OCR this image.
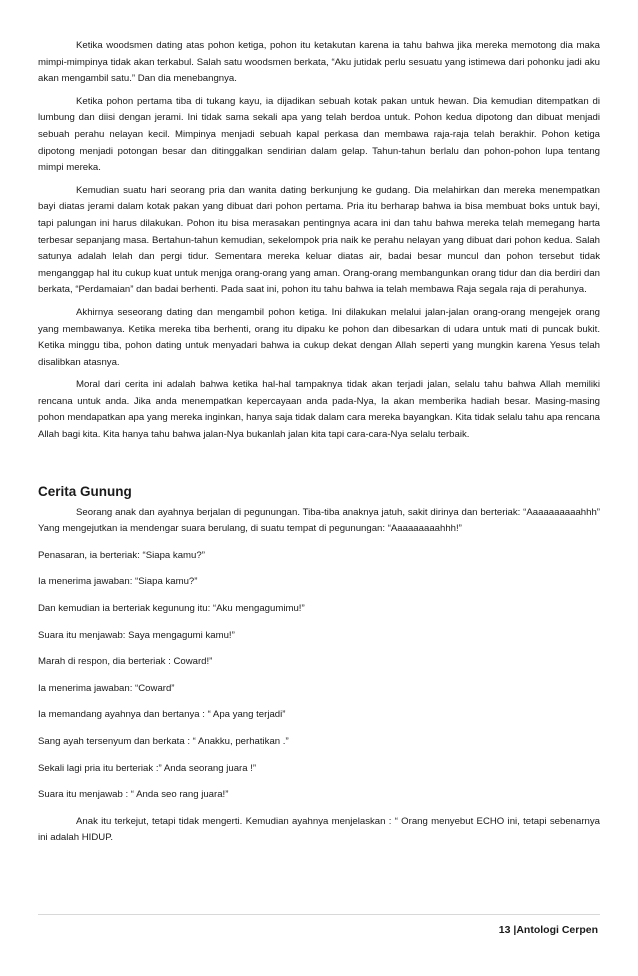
Ketika woodsmen dating atas pohon ketiga, pohon itu ketakutan karena ia tahu bahwa jika mereka memotong dia maka mimpi-mimpinya tidak akan terkabul. Salah satu woodsmen berkata, “Aku jutidak perlu sesuatu yang istimewa dari pohonku jadi aku akan mengambil satu.” Dan dia menebangnya.

Ketika pohon pertama tiba di tukang kayu, ia dijadikan sebuah kotak pakan untuk hewan. Dia kemudian ditempatkan di lumbung dan diisi dengan jerami. Ini tidak sama sekali apa yang telah berdoa untuk. Pohon kedua dipotong dan dibuat menjadi sebuah perahu nelayan kecil. Mimpinya menjadi sebuah kapal perkasa dan membawa raja-raja telah berakhir. Pohon ketiga dipotong menjadi potongan besar dan ditinggalkan sendirian dalam gelap. Tahun-tahun berlalu dan pohon-pohon lupa tentang mimpi mereka.

Kemudian suatu hari seorang pria dan wanita dating berkunjung ke gudang. Dia melahirkan dan mereka menempatkan bayi diatas jerami dalam kotak pakan yang dibuat dari pohon pertama. Pria itu berharap bahwa ia bisa membuat boks untuk bayi, tapi palungan ini harus dilakukan. Pohon itu bisa merasakan pentingnya acara ini dan tahu bahwa mereka telah memegang harta terbesar sepanjang masa. Bertahun-tahun kemudian, sekelompok pria naik ke perahu nelayan yang dibuat dari pohon kedua. Salah satunya adalah lelah dan pergi tidur. Sementara mereka keluar diatas air, badai besar muncul dan pohon tersebut tidak menganggap hal itu cukup kuat untuk menjga orang-orang yang aman. Orang-orang membangunkan orang tidur dan dia berdiri dan berkata, “Perdamaian” dan badai berhenti. Pada saat ini, pohon itu tahu bahwa ia telah membawa Raja segala raja di perahunya.

Akhirnya seseorang dating dan mengambil pohon ketiga. Ini dilakukan melalui jalan-jalan orang-orang mengejek orang yang membawanya. Ketika mereka tiba berhenti, orang itu dipaku ke pohon dan dibesarkan di udara untuk mati di puncak bukit. Ketika minggu tiba, pohon dating untuk menyadari bahwa ia cukup dekat dengan Allah seperti yang mungkin karena Yesus telah disalibkan atasnya.

Moral dari cerita ini adalah bahwa ketika hal-hal tampaknya tidak akan terjadi jalan, selalu tahu bahwa Allah memiliki rencana untuk anda. Jika anda menempatkan kepercayaan anda pada-Nya, Ia akan memberika hadiah besar. Masing-masing pohon mendapatkan apa yang mereka inginkan, hanya saja tidak dalam cara mereka bayangkan. Kita tidak selalu tahu apa rencana Allah bagi kita. Kita hanya tahu bahwa jalan-Nya bukanlah jalan kita tapi cara-cara-Nya selalu terbaik.

Cerita Gunung

Seorang anak dan ayahnya berjalan di pegunungan. Tiba-tiba anaknya jatuh, sakit dirinya dan berteriak: “Aaaaaaaaaahhh” Yang mengejutkan ia mendengar suara berulang, di suatu tempat di pegunungan: “Aaaaaaaaahhh!”

Penasaran, ia berteriak: “Siapa kamu?”

Ia menerima jawaban: “Siapa kamu?”

Dan kemudian ia berteriak kegunung itu: “Aku mengagumimu!”

Suara itu menjawab: Saya mengagumi kamu!”

Marah di respon, dia berteriak : Coward!”

Ia menerima jawaban: “Coward”

Ia memandang ayahnya dan bertanya : “ Apa yang terjadi”

Sang ayah tersenyum dan berkata : “ Anakku, perhatikan .”

Sekali lagi pria itu berteriak :” Anda seorang juara !”

Suara itu menjawab : “ Anda seo rang juara!”

Anak itu terkejut, tetapi tidak mengerti. Kemudian ayahnya menjelaskan : “ Orang menyebut ECHO ini, tetapi sebenarnya ini adalah HIDUP.

13 |Antologi Cerpen
